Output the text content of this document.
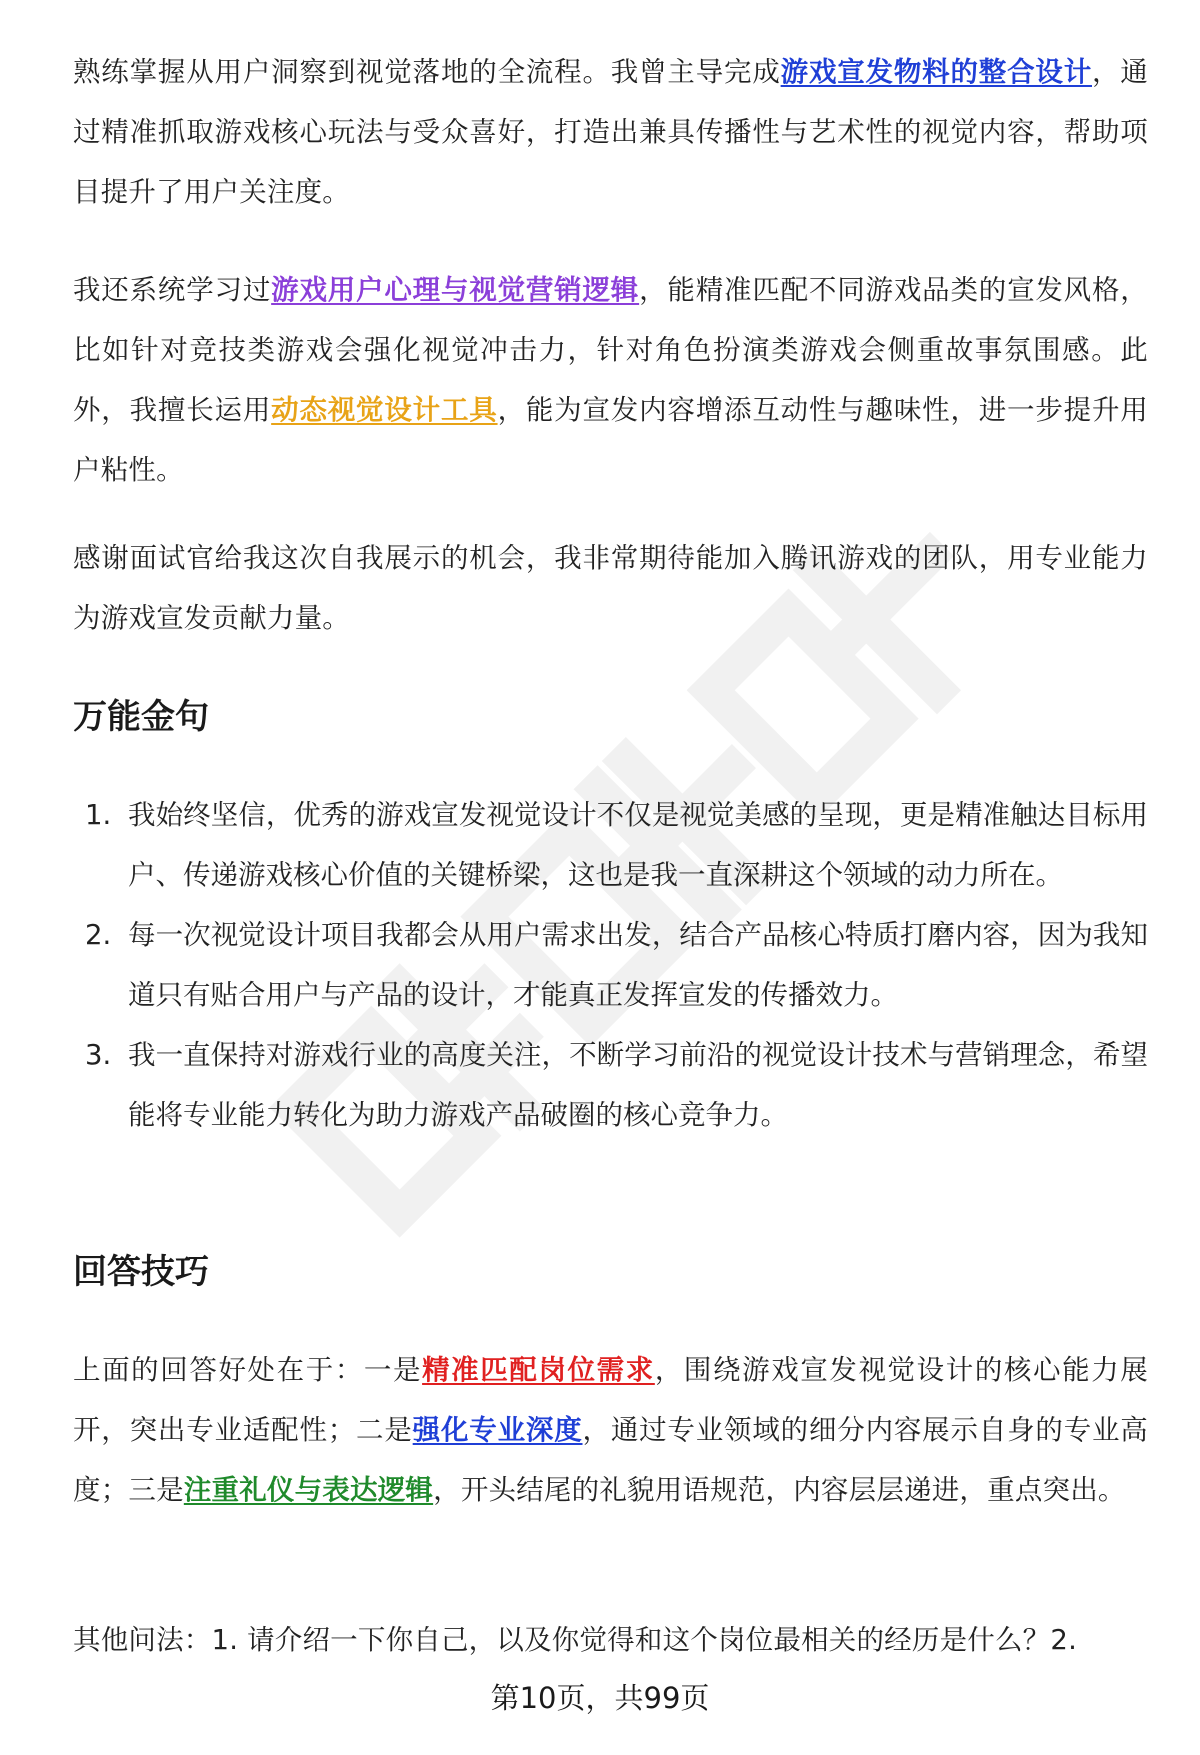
熟练掌握从用户洞察到视觉落地的全流程。我曾主导完成游戏宣发物料的整合设计，通过精准抓取游戏核心玩法与受众喜好，打造出兼具传播性与艺术性的视觉内容，帮助项目提升了用户关注度。

我还系统学习过游戏用户心理与视觉营销逻辑，能精准匹配不同游戏品类的宣发风格，比如针对竞技类游戏会强化视觉冲击力，针对角色扮演类游戏会侧重故事氛围感。此外，我擅长运用动态视觉设计工具，能为宣发内容增添互动性与趣味性，进一步提升用户粘性。

感谢面试官给我这次自我展示的机会，我非常期待能加入腾讯游戏的团队，用专业能力为游戏宣发贡献力量。

万能金句
1. 我始终坚信，优秀的游戏宣发视觉设计不仅是视觉美感的呈现，更是精准触达目标用户、传递游戏核心价值的关键桥梁，这也是我一直深耕这个领域的动力所在。
2. 每一次视觉设计项目我都会从用户需求出发，结合产品核心特质打磨内容，因为我知道只有贴合用户与产品的设计，才能真正发挥宣发的传播效力。
3. 我一直保持对游戏行业的高度关注，不断学习前沿的视觉设计技术与营销理念，希望能将专业能力转化为助力游戏产品破圈的核心竞争力。
回答技巧

上面的回答好处在于：一是精准匹配岗位需求，围绕游戏宣发视觉设计的核心能力展开，突出专业适配性；二是强化专业深度，通过专业领域的细分内容展示自身的专业高度；三是注重礼仪与表达逻辑，开头结尾的礼貌用语规范，内容层层递进，重点突出。

其他问法：1. 请介绍一下你自己，以及你觉得和这个岗位最相关的经历是什么？2.

第10页，共99页
